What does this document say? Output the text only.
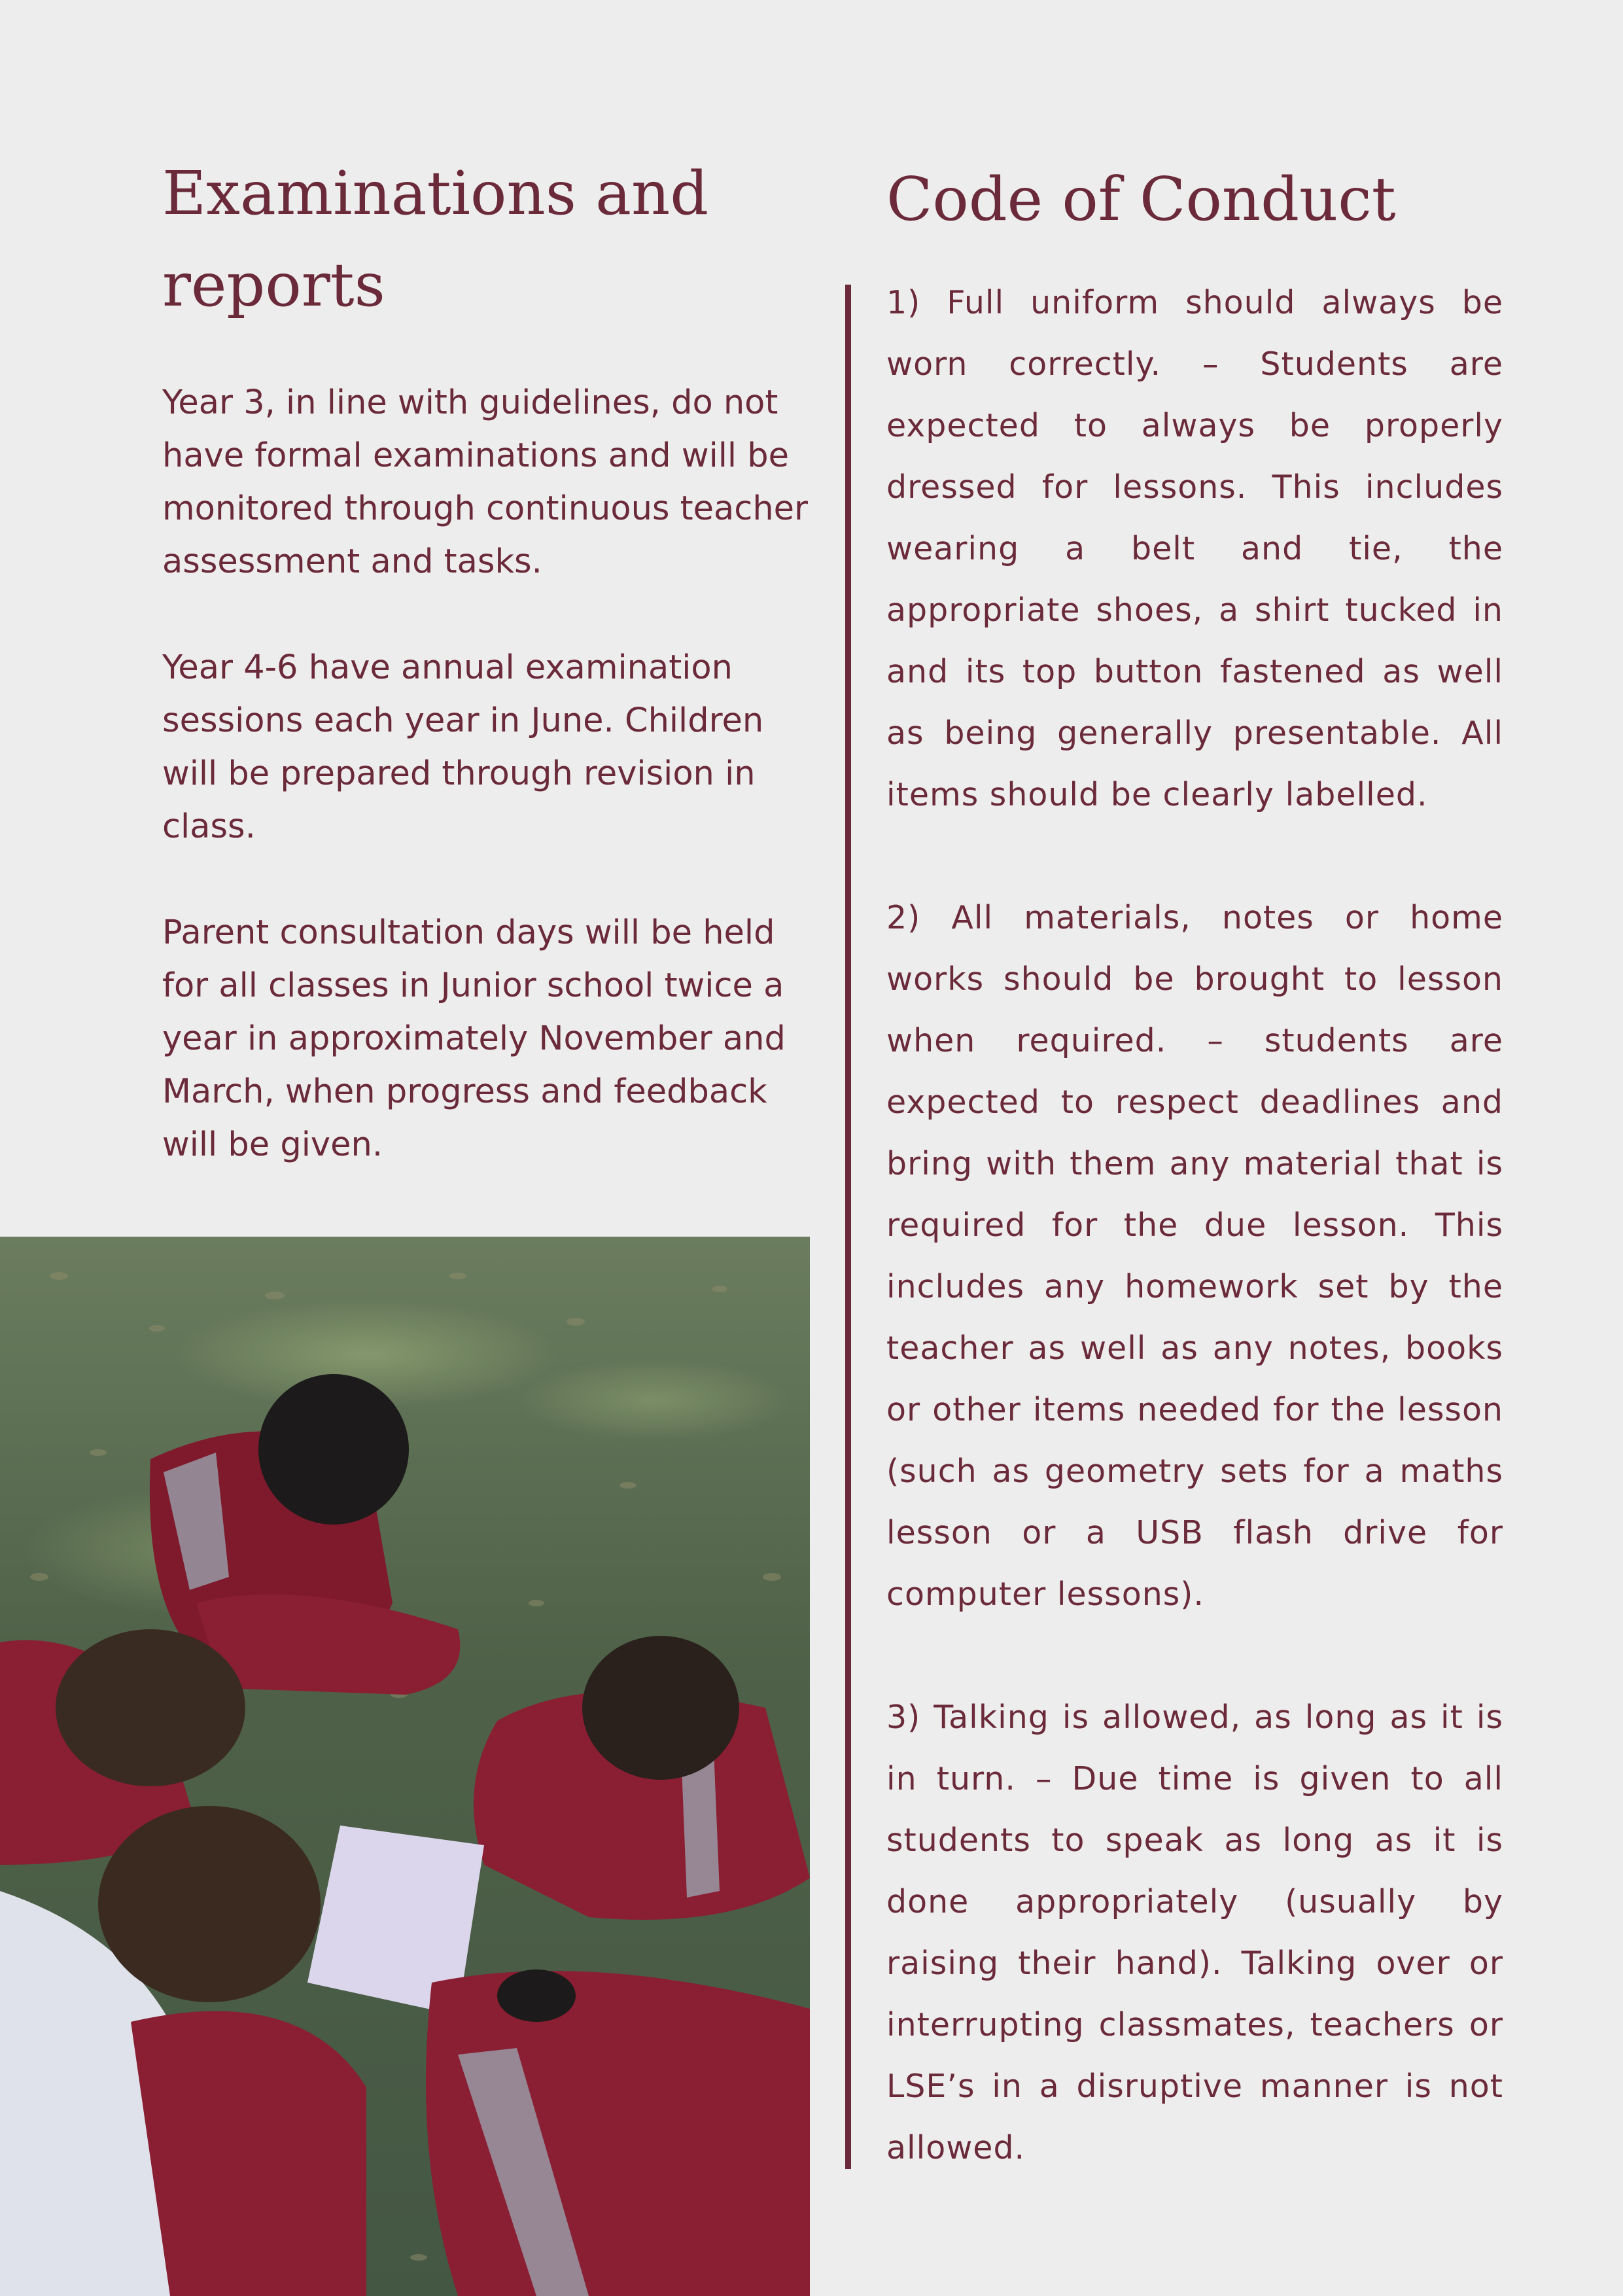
Examinations and reports

Year 3, in line with guidelines, do not have formal examinations and will be monitored through continuous teacher assessment and tasks.

Year 4-6 have annual examination sessions each year in June. Children will be prepared through revision in class.

Parent consultation days will be held for all classes in Junior school twice a year in approximately November and March, when progress and feedback will be given.

Code of Conduct

1) Full uniform should always be worn correctly. – Students are expected to always be properly dressed for lessons. This includes wearing a belt and tie, the appropriate shoes, a shirt tucked in and its top button fastened as well as being generally presentable. All items should be clearly labelled.

2) All materials, notes or home works should be brought to lesson when required. – students are expected to respect deadlines and bring with them any material that is required for the due lesson. This includes any homework set by the teacher as well as any notes, books or other items needed for the lesson (such as geometry sets for a maths lesson or a USB flash drive for computer lessons).

3) Talking is allowed, as long as it is in turn. – Due time is given to all students to speak as long as it is done appropriately (usually by raising their hand). Talking over or interrupting classmates, teachers or LSE’s in a disruptive manner is not allowed.
